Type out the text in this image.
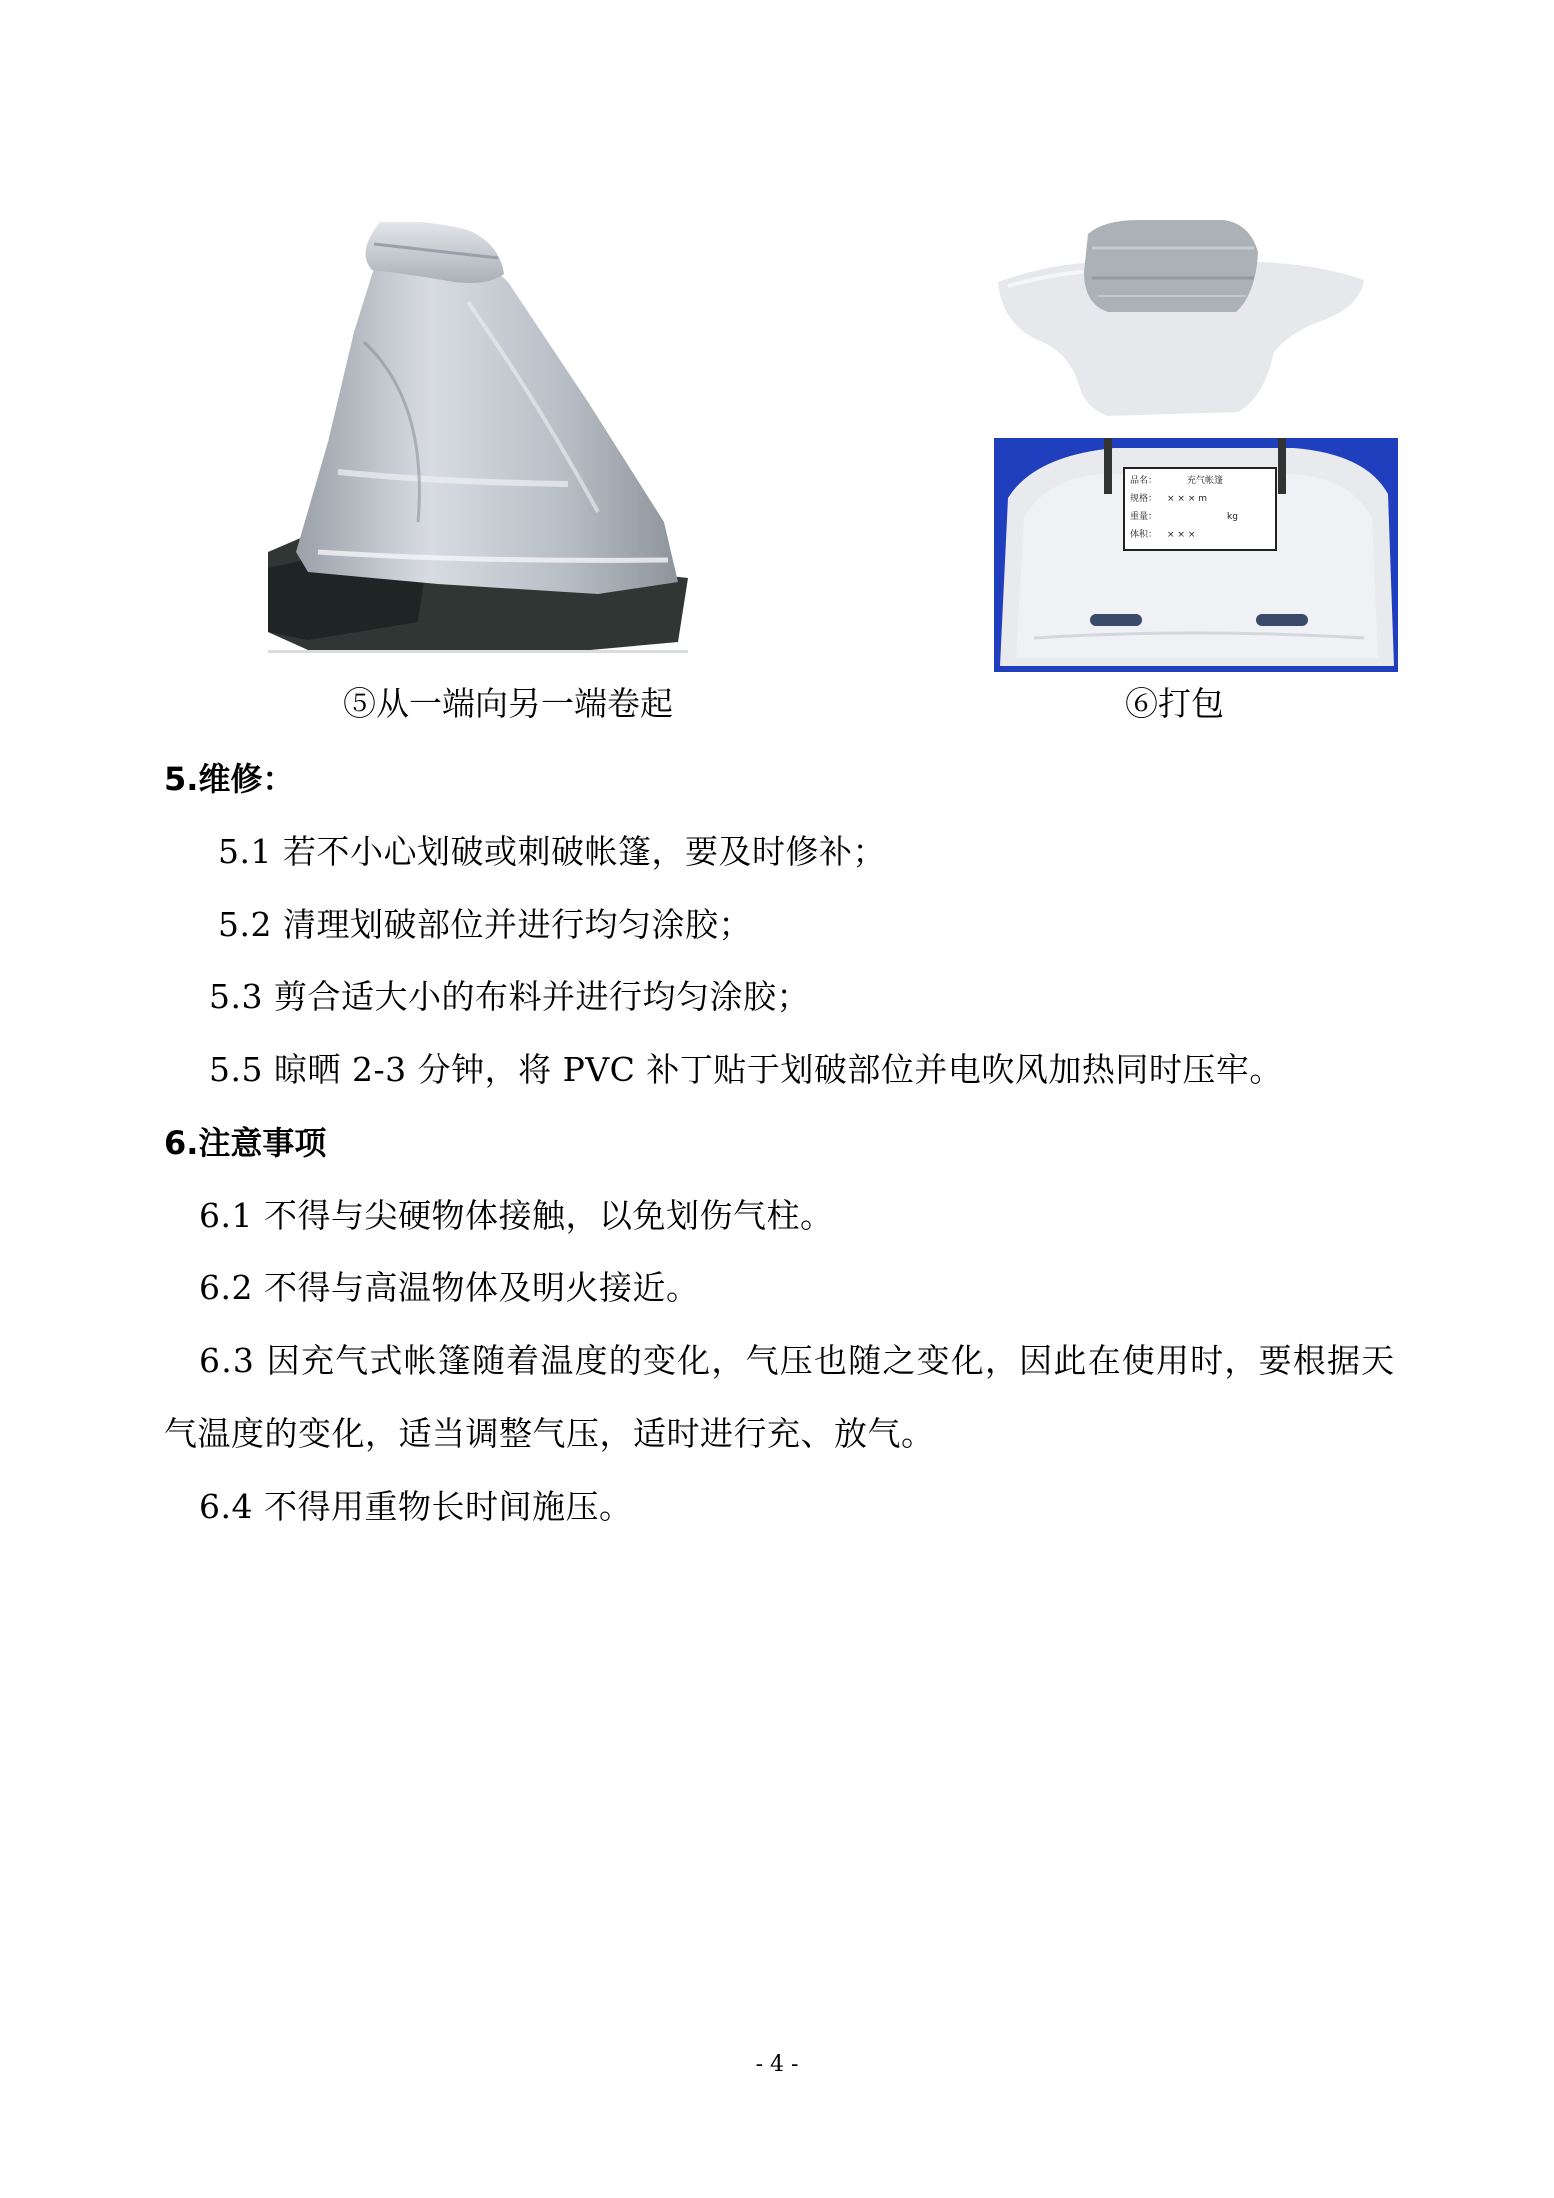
品名：	充气帐篷
规格： × × × m
重量：	kg
体积： × × ×
⑤从一端向另一端卷起	⑥打包
5.维修：
5.1 若不小心划破或刺破帐篷，要及时修补；
5.2 清理划破部位并进行均匀涂胶；
5.3 剪合适大小的布料并进行均匀涂胶；
5.5 晾晒 2-3 分钟，将 PVC 补丁贴于划破部位并电吹风加热同时压牢。
6.注意事项
6.1 不得与尖硬物体接触，以免划伤气柱。
6.2 不得与高温物体及明火接近。
6.3 因充气式帐篷随着温度的变化，气压也随之变化，因此在使用时，要根据天
气温度的变化，适当调整气压，适时进行充、放气。
6.4 不得用重物长时间施压。
- 4 -
